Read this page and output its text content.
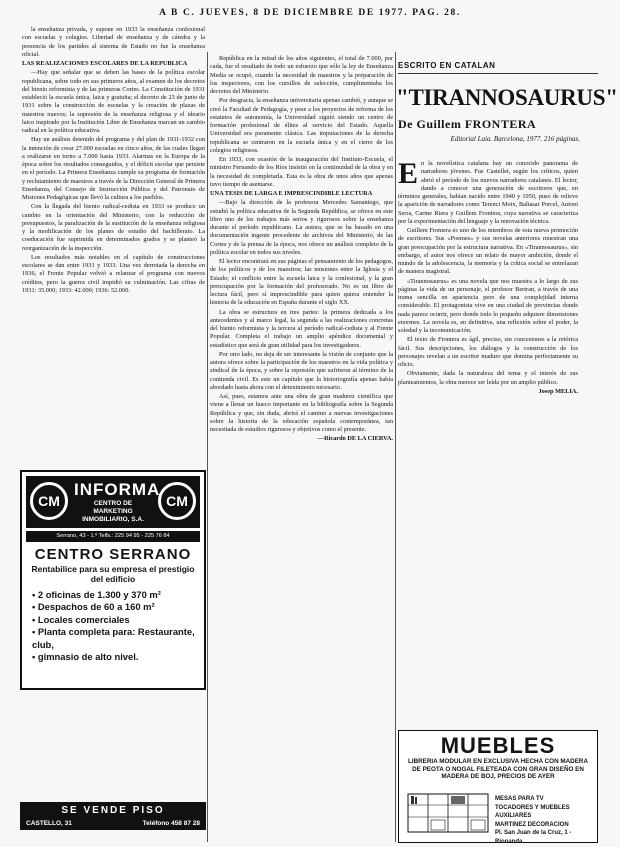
A B C. JUEVES, 8 DE DICIEMBRE DE 1977. PAG. 28.

la enseñanza privada, y supone en 1933 la enseñanza confesional con escuelas y colegios. Libertad de enseñanza y de cátedra y la presencia de los partidos al sistema de Estado no fue la enseñanza oficial.

LAS REALIZACIONES ESCOLARES DE LA REPUBLICA

—Hay que señalar que se deben las bases de la política escolar republicana, sobre todo en sus primeros años, al examen de los decretos del bienio reformista y de las primeras Cortes. La Constitución de 1931 estableció la escuela única, laica y gratuita; el decreto de 23 de junio de 1931 sobre la construcción de escuelas y la creación de plazas de maestros nuevos; la supresión de la enseñanza religiosa y el ideario laico inspirado por la Institución Libre de Enseñanza marcan un cambio radical en la política educativa.

Hay un análisis detenido del programa y del plan de 1931-1932 con la intención de crear 27.000 escuelas en cinco años, de las cuales llegan a realizarse en torno a 7.000 hasta 1933. Alarmas en la Europa de la época sobre los resultados conseguidos, y el déficit escolar que persiste en el período. La Primera Enseñanza cumple su programa de formación y reclutamiento de maestros a través de la Dirección General de Primera Enseñanza, del Consejo de Instrucción Pública y del Patronato de Misiones Pedagógicas que llevó la cultura a los pueblos.

Con la llegada del bienio radical-cedista en 1933 se produce un cambio en la orientación del Ministerio, con la reducción de presupuestos, la paralización de la sustitución de la enseñanza religiosa y la modificación de los planes de estudio del bachillerato. La coeducación fue suprimida en determinados grados y se planteó la reorganización de la inspección.

Los resultados más notables en el capítulo de construcciones escolares se dan entre 1931 y 1933. Una vez derrotada la derecha en 1936, el Frente Popular volvió a relanzar el programa con nuevos créditos, pero la guerra civil impidió su culminación. Las cifras de 1931: 35.000; 1933: 42.000; 1936: 52.000.

CM
INFORMA
CENTRO DE MARKETING INMOBILIARIO, S.A.
CM
Serrano, 43 - 1.º Telfs.: 225 94 95 - 225 76 84
CENTRO SERRANO
Rentabilice para su empresa el prestigio del edificio
• 2 oficinas de 1.300 y 370 m²
• Despachos de 60 a 160 m²
• Locales comerciales
• Planta completa para: Restaurante, club,
• gimnasio de alto nivel.
SE VENDE PISO
CASTELLO, 31	Teléfono 458 87 28

República en la mitad de los años siguientes, el total de 7.000, por cada, fue el resultado de todo un esfuerzo que sólo la ley de Enseñanza Media se ocupó, cuando la necesidad de maestros y la preparación de los inspectores, con los cursillos de selección, cumplimentaba los decretos del Ministerio.

Por desgracia, la enseñanza universitaria apenas cambió, y aunque se creó la Facultad de Pedagogía, y pese a los proyectos de reforma de los estatutos de autonomía, la Universidad siguió siendo un centro de formación profesional de élites al servicio del Estado. Aquella Universidad era puramente clásica. Las imputaciones de la derecha republicana se centraron en la escuela única y en el cierre de los colegios religiosos.

En 1933, con ocasión de la inauguración del Instituto-Escuela, el ministro Fernando de los Ríos insistió en la continuidad de la obra y en la necesidad de completarla. Esta es la obra de unos años que apenas tuvo tiempo de asentarse.

UNA TESIS DE LARGA E IMPRESCINDIBLE LECTURA

—Bajo la dirección de la profesora Mercedes Samaniego, que estudió la política educativa de la Segunda República, se ofrece en este libro uno de los trabajos más serios y rigurosos sobre la enseñanza durante el período republicano. La autora, que se ha basado en una documentación ingente procedente de archivos del Ministerio, de las Cortes y de la prensa de la época, nos ofrece un análisis completo de la política escolar en todos sus niveles.

El lector encontrará en sus páginas el pensamiento de los pedagogos, de los políticos y de los maestros; las tensiones entre la Iglesia y el Estado; el conflicto entre la escuela laica y la confesional, y la gran preocupación por la formación del profesorado. No es un libro de lectura fácil, pero sí imprescindible para quien quiera entender la historia de la educación en España durante el siglo XX.

La obra se estructura en tres partes: la primera dedicada a los antecedentes y al marco legal, la segunda a las realizaciones concretas del bienio reformista y la tercera al período radical-cedista y al Frente Popular. Completa el trabajo un amplio apéndice documental y estadístico que será de gran utilidad para los investigadores.

Por otro lado, no deja de ser interesante la visión de conjunto que la autora ofrece sobre la participación de los maestros en la vida política y sindical de la época, y sobre la represión que sufrieron al término de la contienda civil. Es este un capítulo que la historiografía apenas había abordado hasta ahora con el detenimiento necesario.

Así, pues, estamos ante una obra de gran madurez científica que viene a llenar un hueco importante en la bibliografía sobre la Segunda República y que, sin duda, abrirá el camino a nuevas investigaciones sobre la historia de la educación española contemporánea, tan necesitada de estudios rigurosos y objetivos como el presente.

—Ricardo DE LA CIERVA.

ESCRITO EN CATALAN
"TIRANNOSAURUS"
De Guillem FRONTERA
Editorial Laia. Barcelona, 1977. 216 páginas.

En la novelística catalana hay un conocido panorama de narradores jóvenes. Fue Castellet, según los críticos, quien abrió el período de los nuevos narradores catalanes. El lector, dando a conocer una generación de escritores que, en términos generales, habían nacido entre 1940 y 1950, puso de relieve la aparición de narradores como Terenci Moix, Baltasar Porcel, Antoni Serra, Carme Riera y Guillem Frontera, cuya narrativa se caracteriza por la experimentación del lenguaje y la renovación técnica.

Guillem Frontera es uno de los miembros de esta nueva promoción de escritores. Sus «Poemes» y sus novelas anteriores muestran una gran preocupación por la estructura narrativa. En «Tirannosaurus», sin embargo, el autor nos ofrece un relato de mayor ambición, donde el mundo de la adolescencia, la memoria y la crítica social se entrelazan de manera magistral.

«Tirannosaurus» es una novela que nos muestra a lo largo de sus páginas la vida de un personaje, el profesor Bertran, a través de una trama sencilla en apariencia pero de una complejidad interna considerable. El protagonista vive en una ciudad de provincias donde nada parece ocurrir, pero donde todo lo pequeño adquiere dimensiones enormes. La novela es, en definitiva, una reflexión sobre el poder, la soledad y la incomunicación.

El texto de Frontera es ágil, preciso, sin concesiones a la retórica fácil. Sus descripciones, los diálogos y la construcción de los personajes revelan a un escritor maduro que domina perfectamente su oficio.

Obviamente, dada la naturaleza del tema y el interés de sus planteamientos, la obra merece ser leída por un amplio público.

Josep MELIA.

MUEBLES
LIBRERIA MODULAR EN EXCLUSIVA HECHA CON MADERA DE PEOTA O NOGAL FILETEADA CON GRAN DISEÑO EN MADERA DE BOJ, PRECIOS DE AYER
MESAS PARA TV
TOCADORES Y MUEBLES
AUXILIARES
MARTINEZ DECORACION
Pl. San Juan de la Cruz, 1 - Rionanda
